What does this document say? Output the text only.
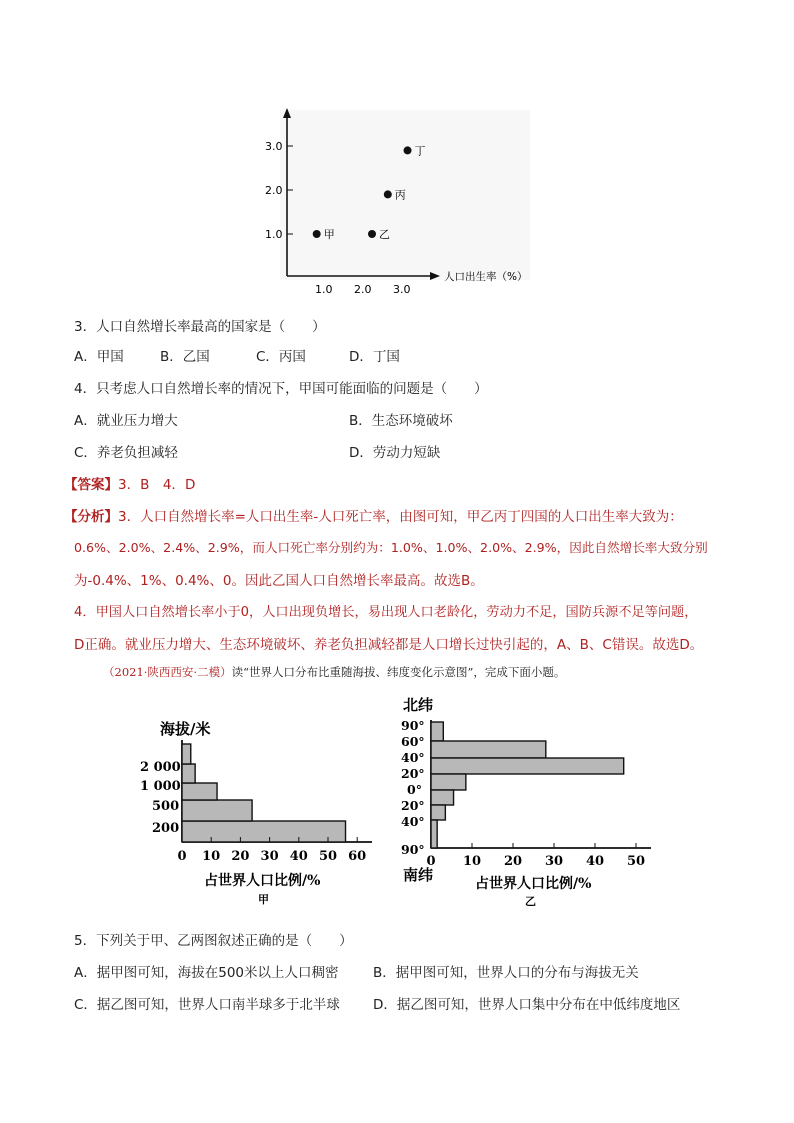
3.0
2.0
1.0
1.0 2.0 3.0
人口出生率（%）
甲	乙
丙
丁
3．人口自然增长率最高的国家是（　　）
A．甲国	B．乙国	C．丙国	D．丁国
4．只考虑人口自然增长率的情况下，甲国可能面临的问题是（　　）
A．就业压力增大	B．生态环境破坏
C．养老负担减轻	D．劳动力短缺
【答案】3．B　4．D
【分析】3．人口自然增长率=人口出生率-人口死亡率，由图可知，甲乙丙丁四国的人口出生率大致为：
0.6%、2.0%、2.4%、2.9%，而人口死亡率分别约为：1.0%、1.0%、2.0%、2.9%，因此自然增长率大致分别
为-0.4%、1%、0.4%、0。因此乙国人口自然增长率最高。故选B。
4．甲国人口自然增长率小于0，人口出现负增长，易出现人口老龄化，劳动力不足，国防兵源不足等问题，
D正确。就业压力增大、生态环境破坏、养老负担减轻都是人口增长过快引起的，A、B、C错误。故选D。
（2021·陕西西安·二模）读“世界人口分布比重随海拔、纬度变化示意图”，完成下面小题。
海拔/米
0 10 20 30 40 50 60
2 000
1 000
500
200
占世界人口比例/%
甲
北纬
0 10 20 30 40 50
90°
60°
40°
20°
0°
20°
40°
90°
南纬	占世界人口比例/%
乙
5．下列关于甲、乙两图叙述正确的是（　　）
A．据甲图可知，海拔在500米以上人口稠密	B．据甲图可知，世界人口的分布与海拔无关
C．据乙图可知，世界人口南半球多于北半球 D．据乙图可知，世界人口集中分布在中低纬度地区
